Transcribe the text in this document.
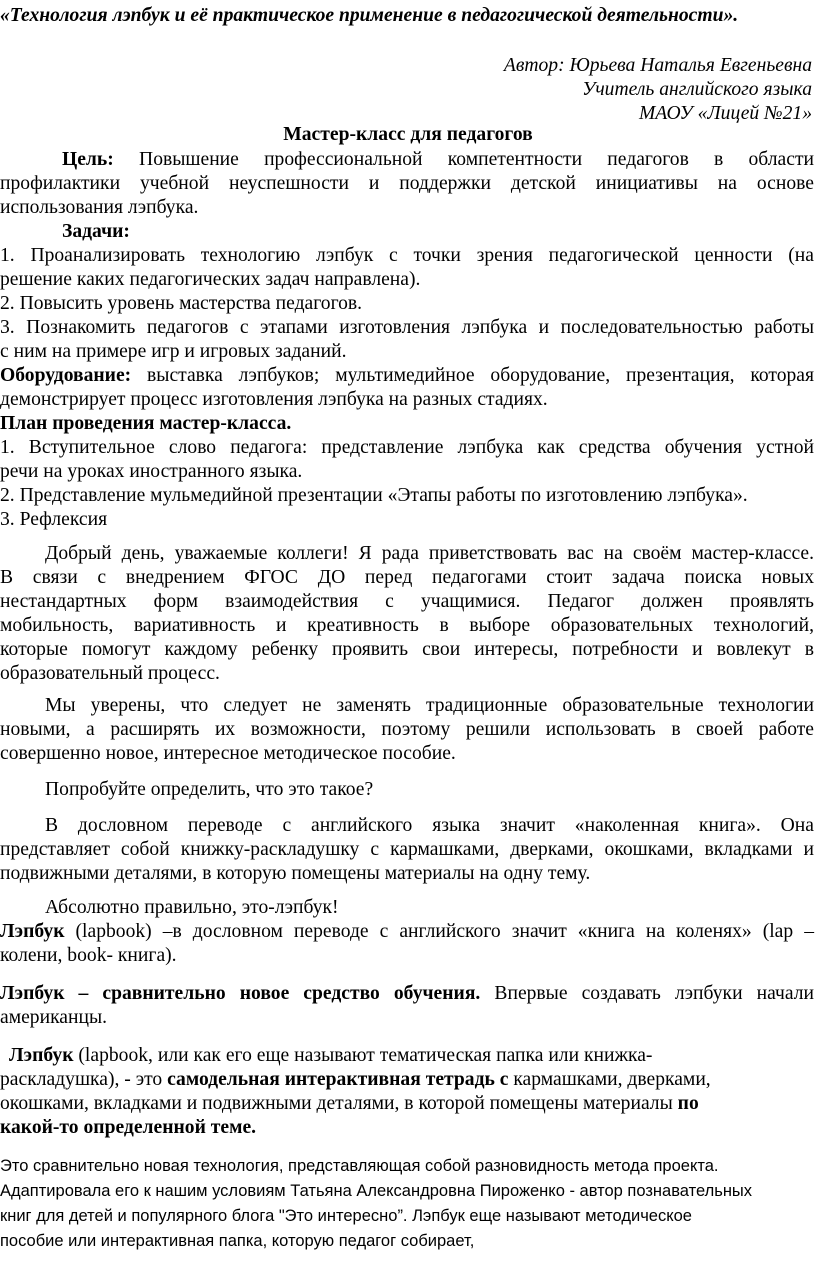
«Технология лэпбук и её практическое применение в педагогической деятельности».
Автор: Юрьева Наталья Евгеньевна
Учитель английского языка
МАОУ «Лицей №21»
Мастер-класс для педагогов
Цель: Повышение профессиональной компетентности педагогов в области
профилактики учебной неуспешности и поддержки детской инициативы на основе
использования лэпбука.
Задачи:
1. Проанализировать технологию лэпбук с точки зрения педагогической ценности (на
решение каких педагогических задач направлена).
2. Повысить уровень мастерства педагогов.
3. Познакомить педагогов с этапами изготовления лэпбука и последовательностью работы
с ним на примере игр и игровых заданий.
Оборудование: выставка лэпбуков; мультимедийное оборудование, презентация, которая
демонстрирует процесс изготовления лэпбука на разных стадиях.
План проведения мастер-класса.
1. Вступительное слово педагога: представление лэпбука как средства обучения устной
речи на уроках иностранного языка.
2. Представление мульмедийной презентации «Этапы работы по изготовлению лэпбука».
3. Рефлексия
Добрый день, уважаемые коллеги! Я рада приветствовать вас на своём мастер-классе.
В связи с внедрением ФГОС ДО перед педагогами стоит задача поиска новых
нестандартных форм взаимодействия с учащимися. Педагог должен проявлять
мобильность, вариативность и креативность в выборе образовательных технологий,
которые помогут каждому ребенку проявить свои интересы, потребности и вовлекут в
образовательный процесс.
Мы уверены, что следует не заменять традиционные образовательные технологии
новыми, а расширять их возможности, поэтому решили использовать в своей работе
совершенно новое, интересное методическое пособие.
Попробуйте определить, что это такое?
В дословном переводе с английского языка значит «наколенная книга». Она
представляет собой книжку-раскладушку с кармашками, дверками, окошками, вкладками и
подвижными деталями, в которую помещены материалы на одну тему.
Абсолютно правильно, это-лэпбук!
Лэпбук (lapbook) –в дословном переводе с английского значит «книга на коленях» (lap –
колени, book- книга).
Лэпбук – сравнительно новое средство обучения. Впервые создавать лэпбуки начали
американцы.
Лэпбук (lapbook, или как его еще называют тематическая папка или книжка-
раскладушка), - это самодельная интерактивная тетрадь с кармашками, дверками,
окошками, вкладками и подвижными деталями, в которой помещены материалы по
какой-то определенной теме.
Это сравнительно новая технология, представляющая собой разновидность метода проекта.
Адаптировала его к нашим условиям Татьяна Александровна Пироженко - автор познавательных
книг для детей и популярного блога "Это интересно”. Лэпбук еще называют методическое
пособие или интерактивная папка, которую педагог собирает,
